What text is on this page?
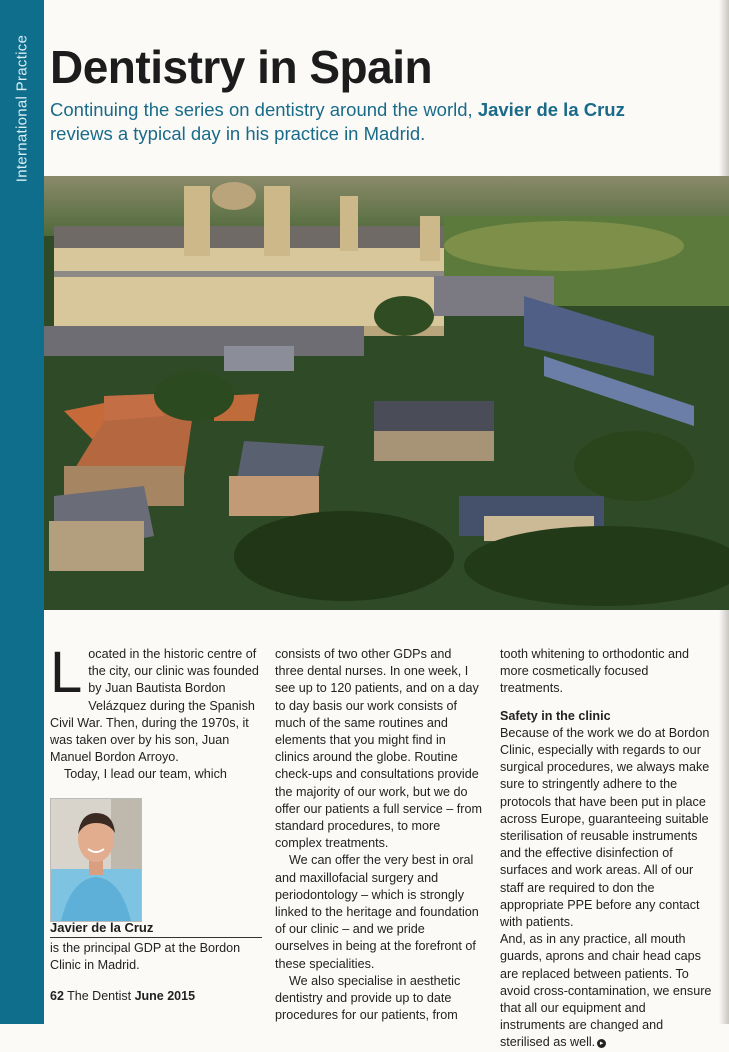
International Practice Dentistry in Spain

Continuing the series on dentistry around the world, Javier de la Cruz reviews a typical day in his practice in Madrid.

L ocated in the historic centre of the city, our clinic was founded by Juan Bautista Bordon Velázquez during the Spanish Civil War. Then, during the 1970s, it was taken over by his son, Juan Manuel Bordon Arroyo.

Today, I lead our team, which

Javier de la Cruz
is the principal GDP at the Bordon Clinic in Madrid.

consists of two other GDPs and three dental nurses. In one week, I see up to 120 patients, and on a day to day basis our work consists of much of the same routines and elements that you might find in clinics around the globe. Routine check-ups and consultations provide the majority of our work, but we do offer our patients a full service – from standard procedures, to more complex treatments.

We can offer the very best in oral and maxillofacial surgery and periodontology – which is strongly linked to the heritage and foundation of our clinic – and we pride ourselves in being at the forefront of these specialities.

We also specialise in aesthetic dentistry and provide up to date procedures for our patients, from

tooth whitening to orthodontic and more cosmetically focused treatments.

Safety in the clinic

Because of the work we do at Bordon Clinic, especially with regards to our surgical procedures, we always make sure to stringently adhere to the protocols that have been put in place across Europe, guaranteeing suitable sterilisation of reusable instruments and the effective disinfection of surfaces and work areas. All of our staff are required to don the appropriate PPE before any contact with patients.

And, as in any practice, all mouth guards, aprons and chair head caps are replaced between patients. To avoid cross-contamination, we ensure that all our equipment and instruments are changed and sterilised as well. ▸

62 The Dentist June 2015
